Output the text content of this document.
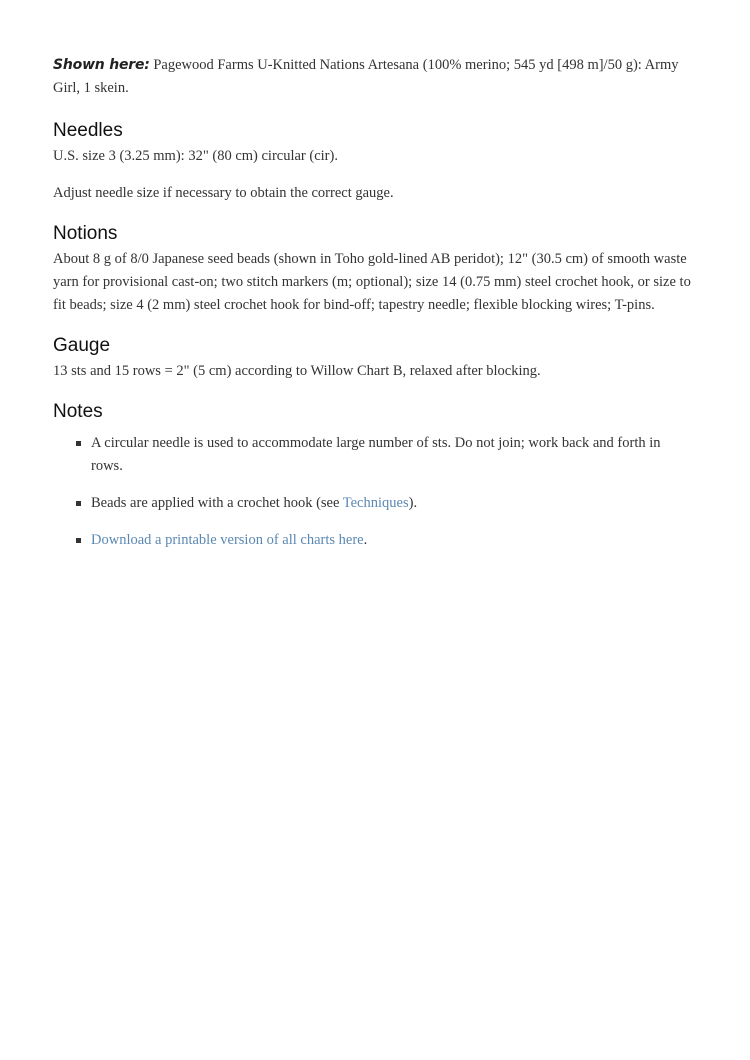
Shown here: Pagewood Farms U-Knitted Nations Artesana (100% merino; 545 yd [498 m]/50 g): Army Girl, 1 skein.

Needles

U.S. size 3 (3.25 mm): 32" (80 cm) circular (cir).

Adjust needle size if necessary to obtain the correct gauge.

Notions

About 8 g of 8/0 Japanese seed beads (shown in Toho gold-lined AB peridot); 12" (30.5 cm) of smooth waste yarn for provisional cast-on; two stitch markers (m; optional); size 14 (0.75 mm) steel crochet hook, or size to fit beads; size 4 (2 mm) steel crochet hook for bind-off; tapestry needle; flexible blocking wires; T-pins.

Gauge

13 sts and 15 rows = 2" (5 cm) according to Willow Chart B, relaxed after blocking.

Notes
A circular needle is used to accommodate large number of sts. Do not join; work back and forth in rows.
Beads are applied with a crochet hook (see Techniques).
Download a printable version of all charts here.
